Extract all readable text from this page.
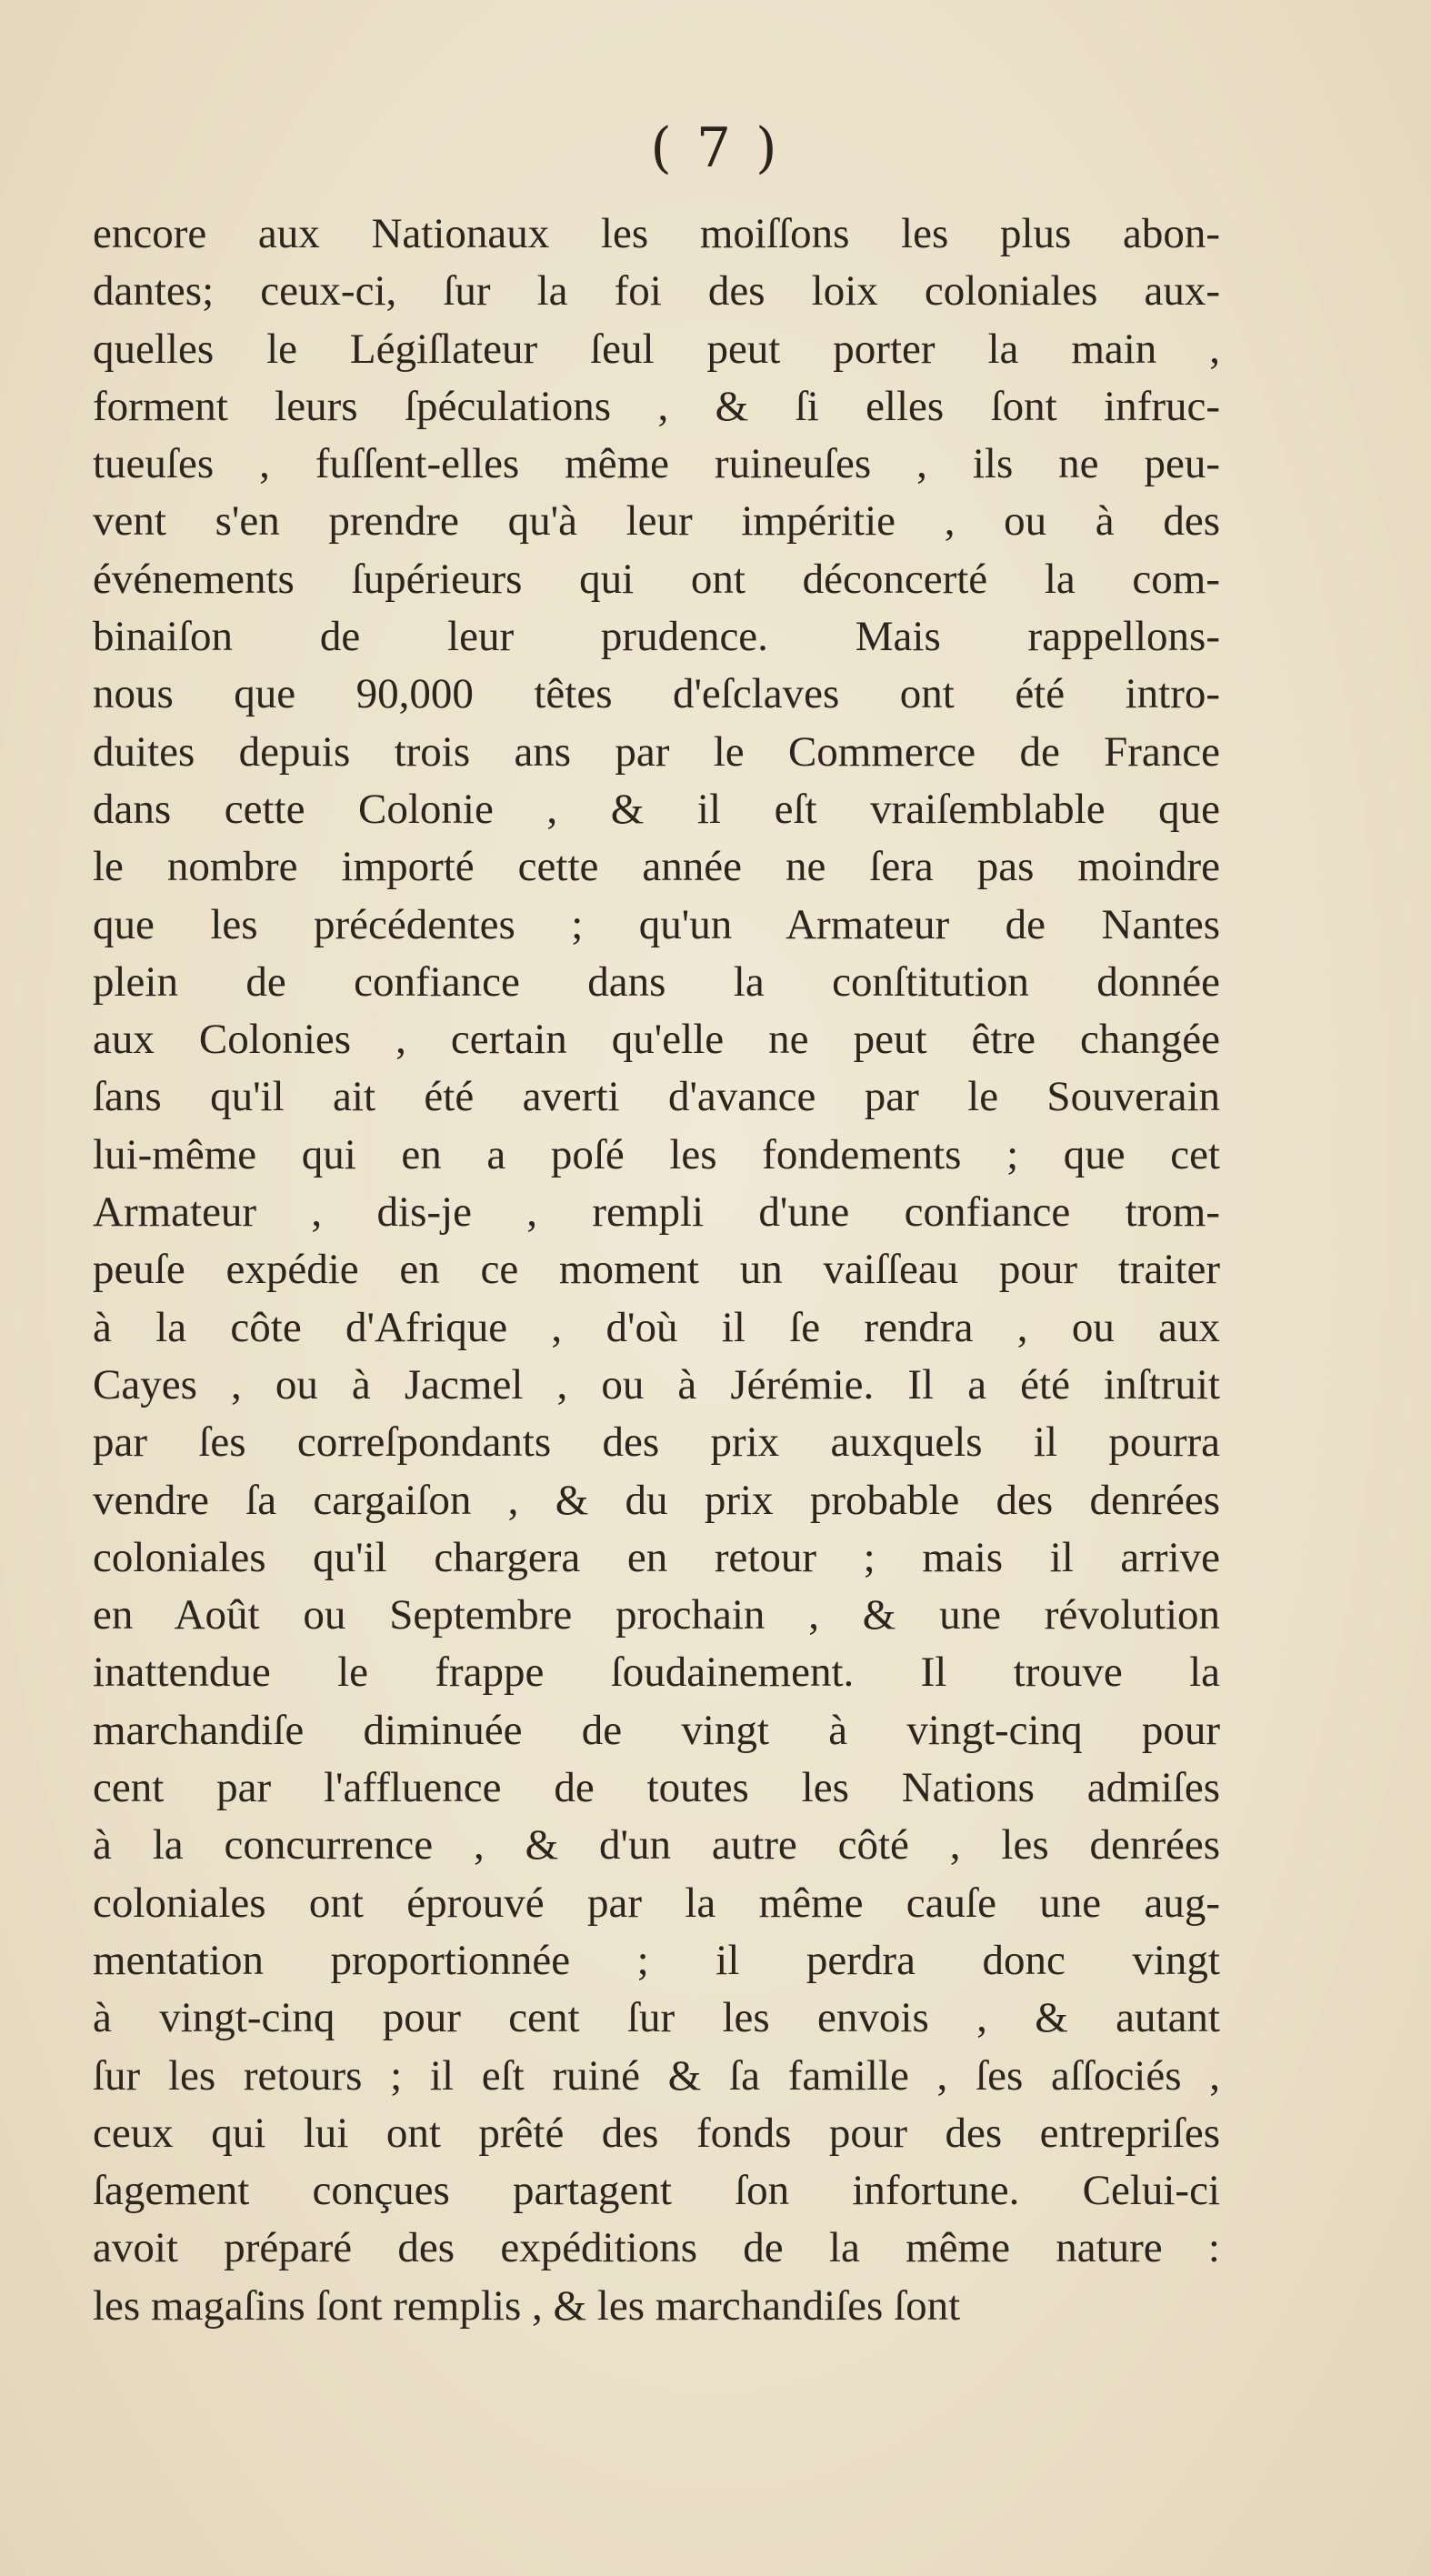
( 7 )
encore aux Nationaux les moiſſons les plus abon-
dantes; ceux-ci, ſur la foi des loix coloniales aux-
quelles le Légiſlateur ſeul peut porter la main ,
forment leurs ſpéculations , & ſi elles ſont infruc-
tueuſes , fuſſent-elles même ruineuſes , ils ne peu-
vent s'en prendre qu'à leur impéritie , ou à des
événements ſupérieurs qui ont déconcerté la com-
binaiſon de leur prudence. Mais rappellons-
nous que 90,000 têtes d'eſclaves ont été intro-
duites depuis trois ans par le Commerce de France
dans cette Colonie , & il eſt vraiſemblable que
le nombre importé cette année ne ſera pas moindre
que les précédentes ; qu'un Armateur de Nantes
plein de confiance dans la conſtitution donnée
aux Colonies , certain qu'elle ne peut être changée
ſans qu'il ait été averti d'avance par le Souverain
lui-même qui en a poſé les fondements ; que cet
Armateur , dis-je , rempli d'une confiance trom-
peuſe expédie en ce moment un vaiſſeau pour traiter
à la côte d'Afrique , d'où il ſe rendra , ou aux
Cayes , ou à Jacmel , ou à Jérémie. Il a été inſtruit
par ſes correſpondants des prix auxquels il pourra
vendre ſa cargaiſon , & du prix probable des denrées
coloniales qu'il chargera en retour ; mais il arrive
en Août ou Septembre prochain , & une révolution
inattendue le frappe ſoudainement. Il trouve la
marchandiſe diminuée de vingt à vingt-cinq pour
cent par l'affluence de toutes les Nations admiſes
à la concurrence , & d'un autre côté , les denrées
coloniales ont éprouvé par la même cauſe une aug-
mentation proportionnée ; il perdra donc vingt
à vingt-cinq pour cent ſur les envois , & autant
ſur les retours ; il eſt ruiné & ſa famille , ſes aſſociés ,
ceux qui lui ont prêté des fonds pour des entrepriſes
ſagement conçues partagent ſon infortune. Celui-ci
avoit préparé des expéditions de la même nature :
les magaſins ſont remplis , & les marchandiſes ſont
